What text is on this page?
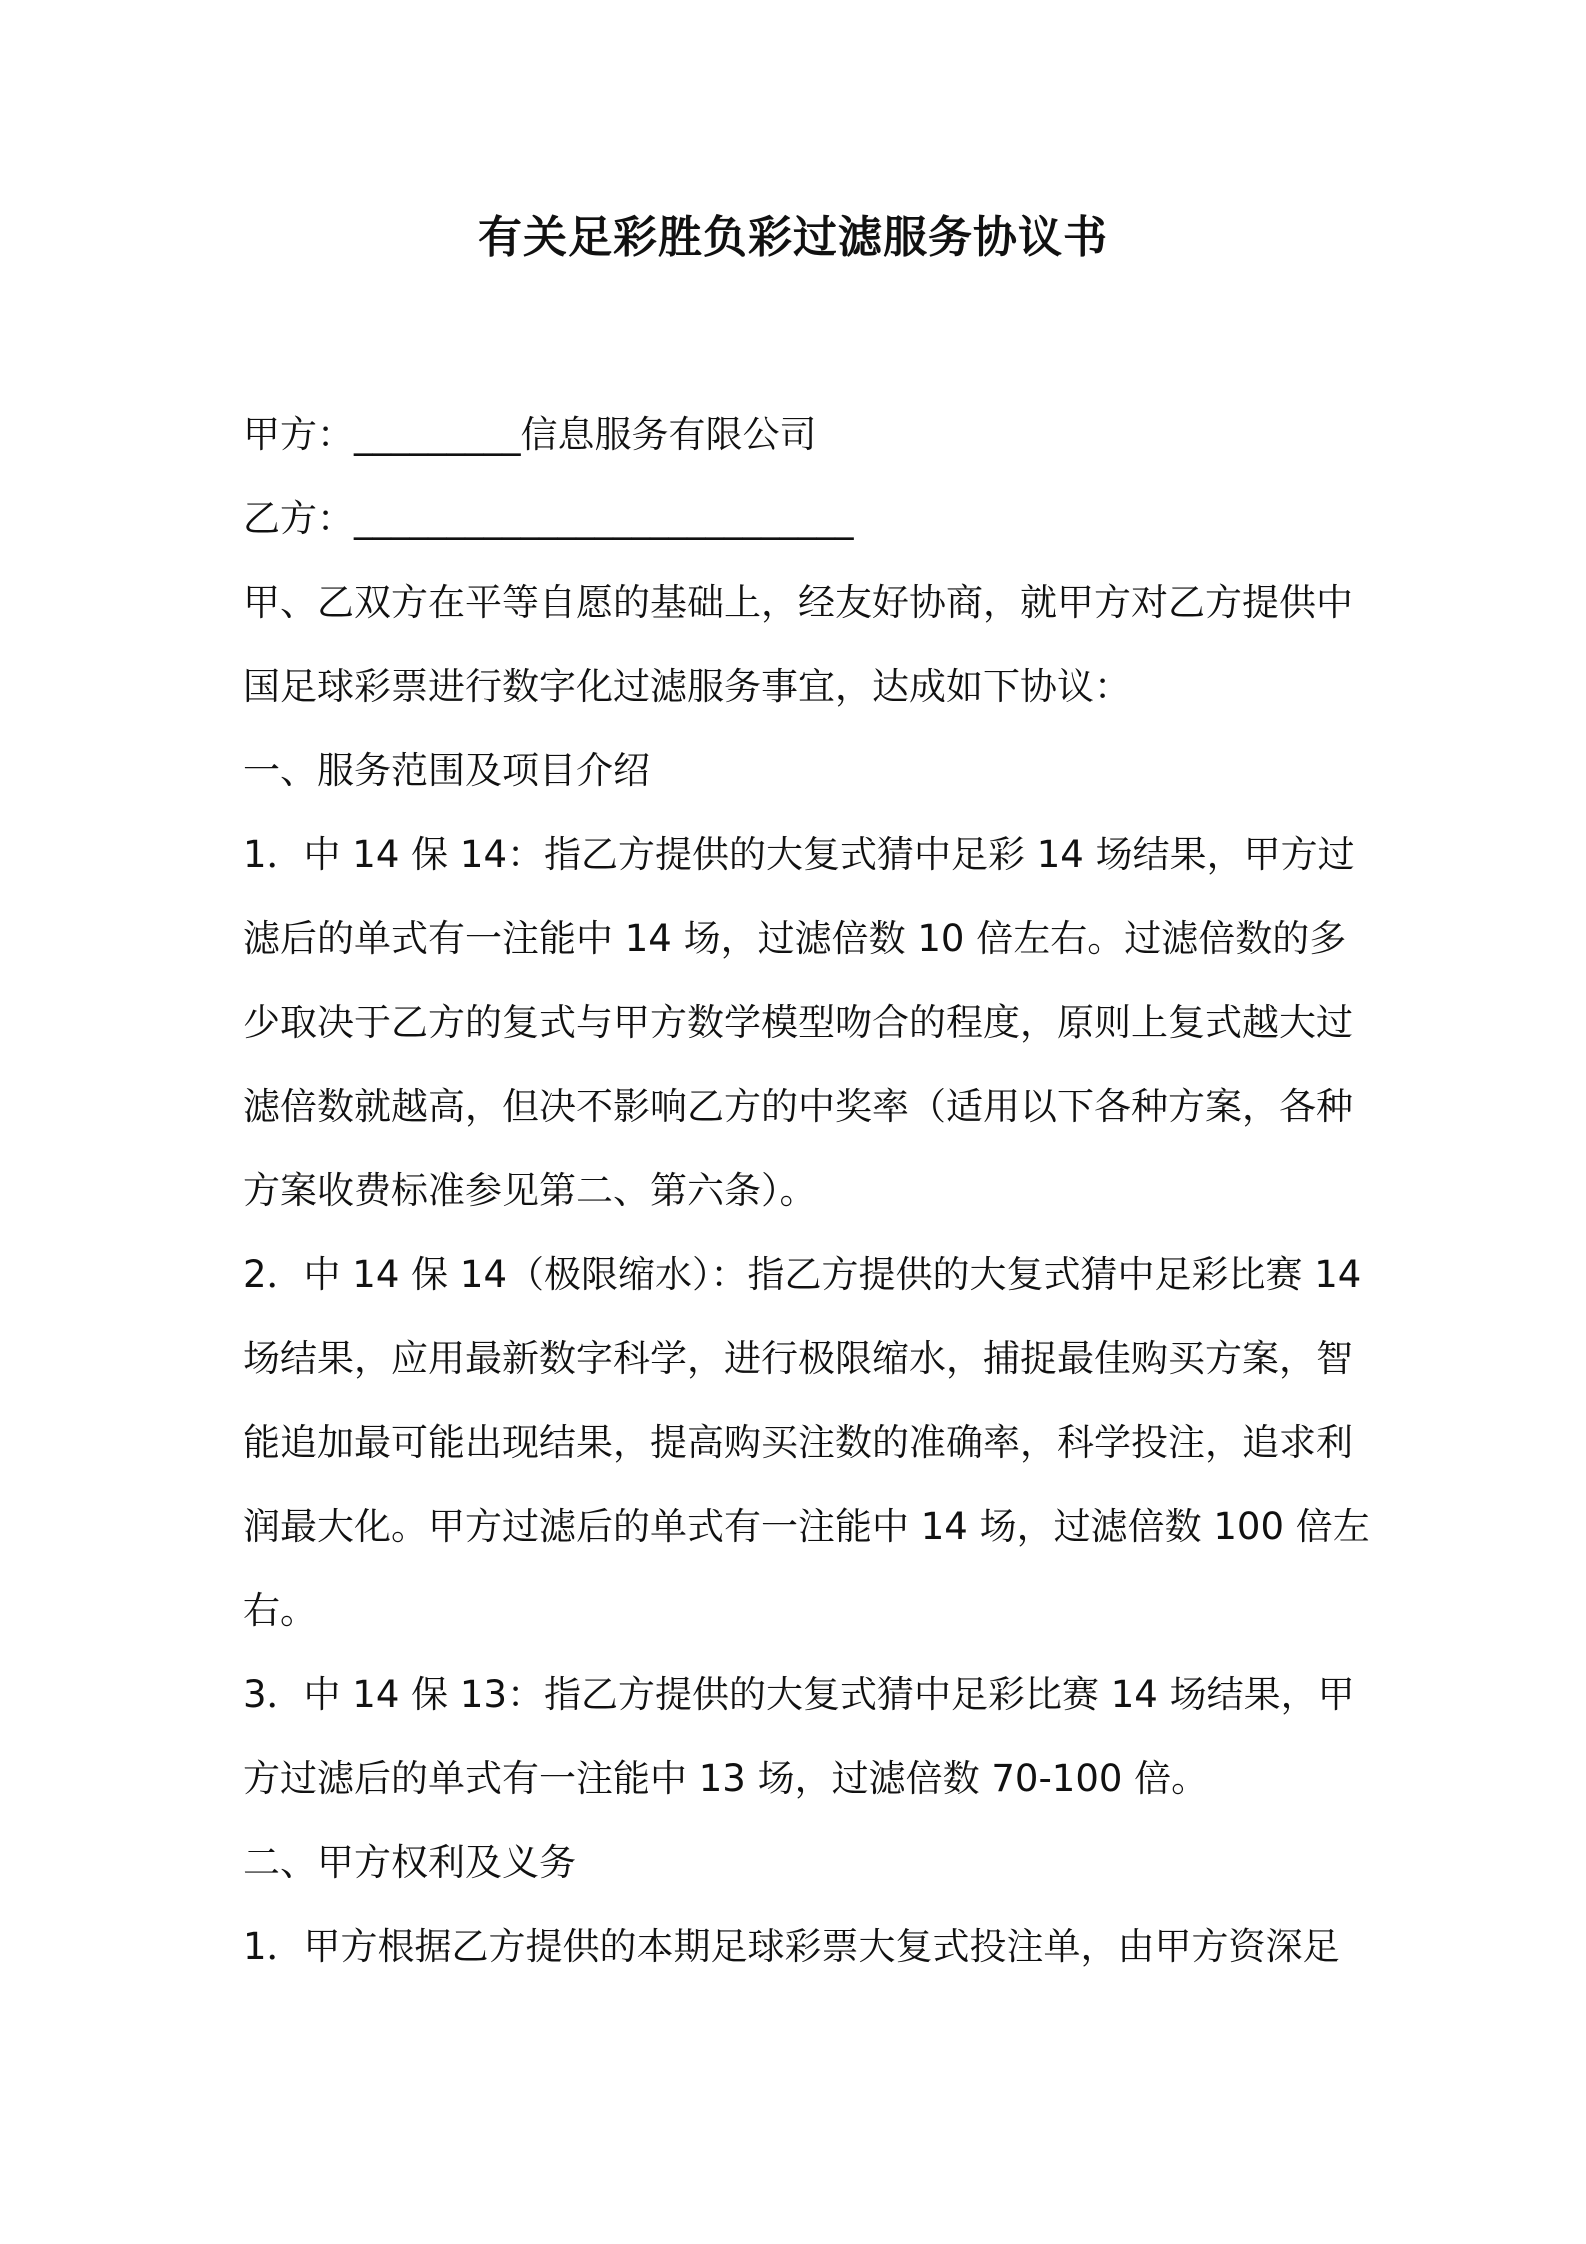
有关足彩胜负彩过滤服务协议书
甲方：_________信息服务有限公司
乙方：___________________________
甲、乙双方在平等自愿的基础上，经友好协商，就甲方对乙方提供中
国足球彩票进行数字化过滤服务事宜，达成如下协议：
一、服务范围及项目介绍
1．中 14 保 14：指乙方提供的大复式猜中足彩 14 场结果，甲方过
滤后的单式有一注能中 14 场，过滤倍数 10 倍左右。过滤倍数的多
少取决于乙方的复式与甲方数学模型吻合的程度，原则上复式越大过
滤倍数就越高，但决不影响乙方的中奖率（适用以下各种方案，各种
方案收费标准参见第二、第六条）。
2．中 14 保 14（极限缩水）：指乙方提供的大复式猜中足彩比赛 14
场结果，应用最新数字科学，进行极限缩水，捕捉最佳购买方案，智
能追加最可能出现结果，提高购买注数的准确率，科学投注，追求利
润最大化。甲方过滤后的单式有一注能中 14 场，过滤倍数 100 倍左
右。
3．中 14 保 13：指乙方提供的大复式猜中足彩比赛 14 场结果，甲
方过滤后的单式有一注能中 13 场，过滤倍数 70-100 倍。
二、甲方权利及义务
1．甲方根据乙方提供的本期足球彩票大复式投注单，由甲方资深足
